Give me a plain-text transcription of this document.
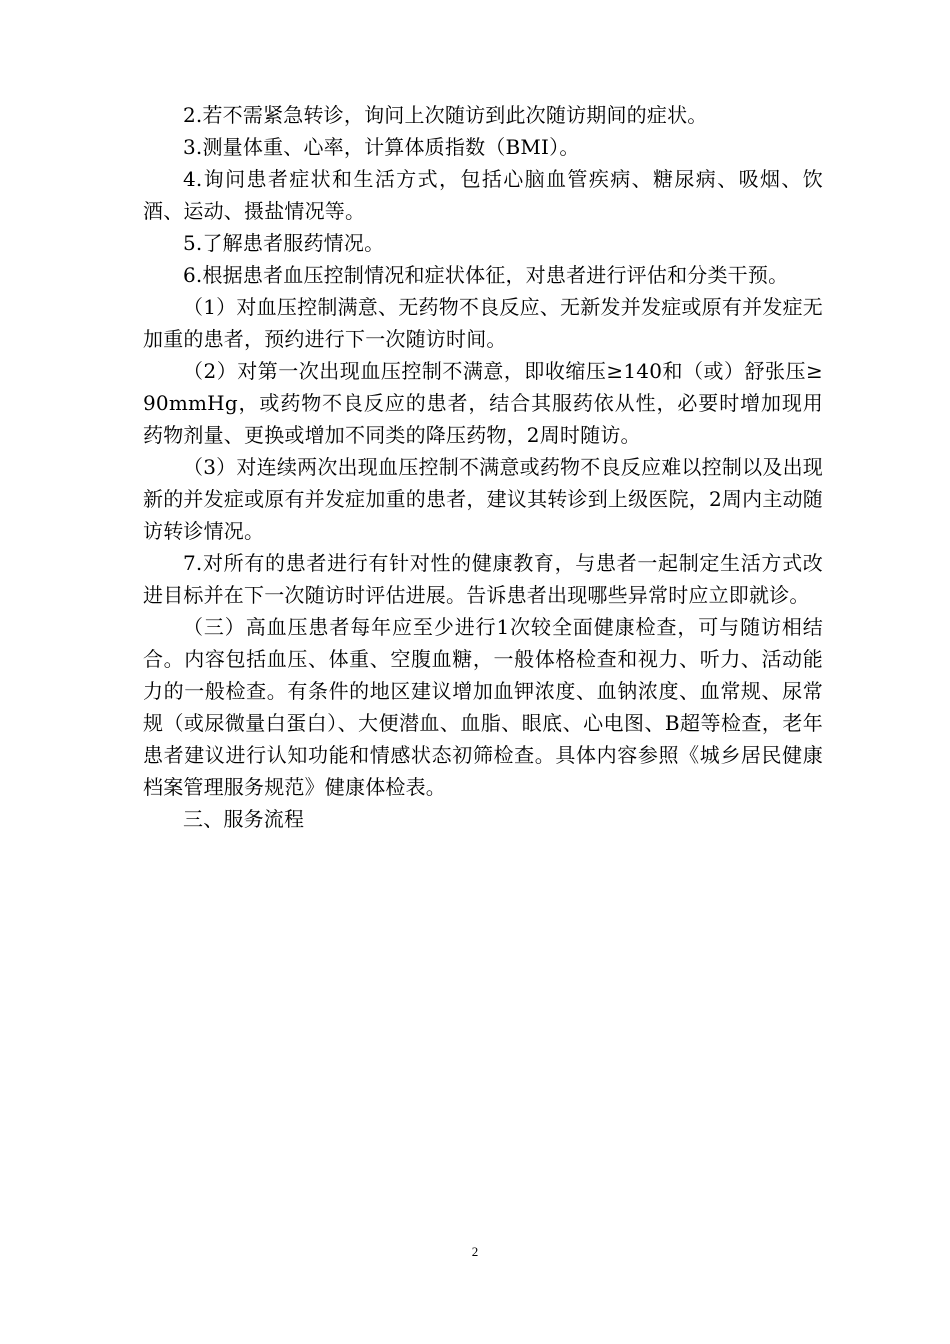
2.若不需紧急转诊，询问上次随访到此次随访期间的症状。

3.测量体重、心率，计算体质指数（BMI）。

4.询问患者症状和生活方式，包括心脑血管疾病、糖尿病、吸烟、饮酒、运动、摄盐情况等。

5.了解患者服药情况。

6.根据患者血压控制情况和症状体征，对患者进行评估和分类干预。

（1）对血压控制满意、无药物不良反应、无新发并发症或原有并发症无加重的患者，预约进行下一次随访时间。

（2）对第一次出现血压控制不满意，即收缩压≥140和（或）舒张压≥90mmHg，或药物不良反应的患者，结合其服药依从性，必要时增加现用药物剂量、更换或增加不同类的降压药物，2周时随访。

（3）对连续两次出现血压控制不满意或药物不良反应难以控制以及出现新的并发症或原有并发症加重的患者，建议其转诊到上级医院，2周内主动随访转诊情况。

7.对所有的患者进行有针对性的健康教育，与患者一起制定生活方式改进目标并在下一次随访时评估进展。告诉患者出现哪些异常时应立即就诊。

（三）高血压患者每年应至少进行1次较全面健康检查，可与随访相结合。内容包括血压、体重、空腹血糖，一般体格检查和视力、听力、活动能力的一般检查。有条件的地区建议增加血钾浓度、血钠浓度、血常规、尿常规（或尿微量白蛋白）、大便潜血、血脂、眼底、心电图、B超等检查，老年患者建议进行认知功能和情感状态初筛检查。具体内容参照《城乡居民健康档案管理服务规范》健康体检表。

三、服务流程

2
